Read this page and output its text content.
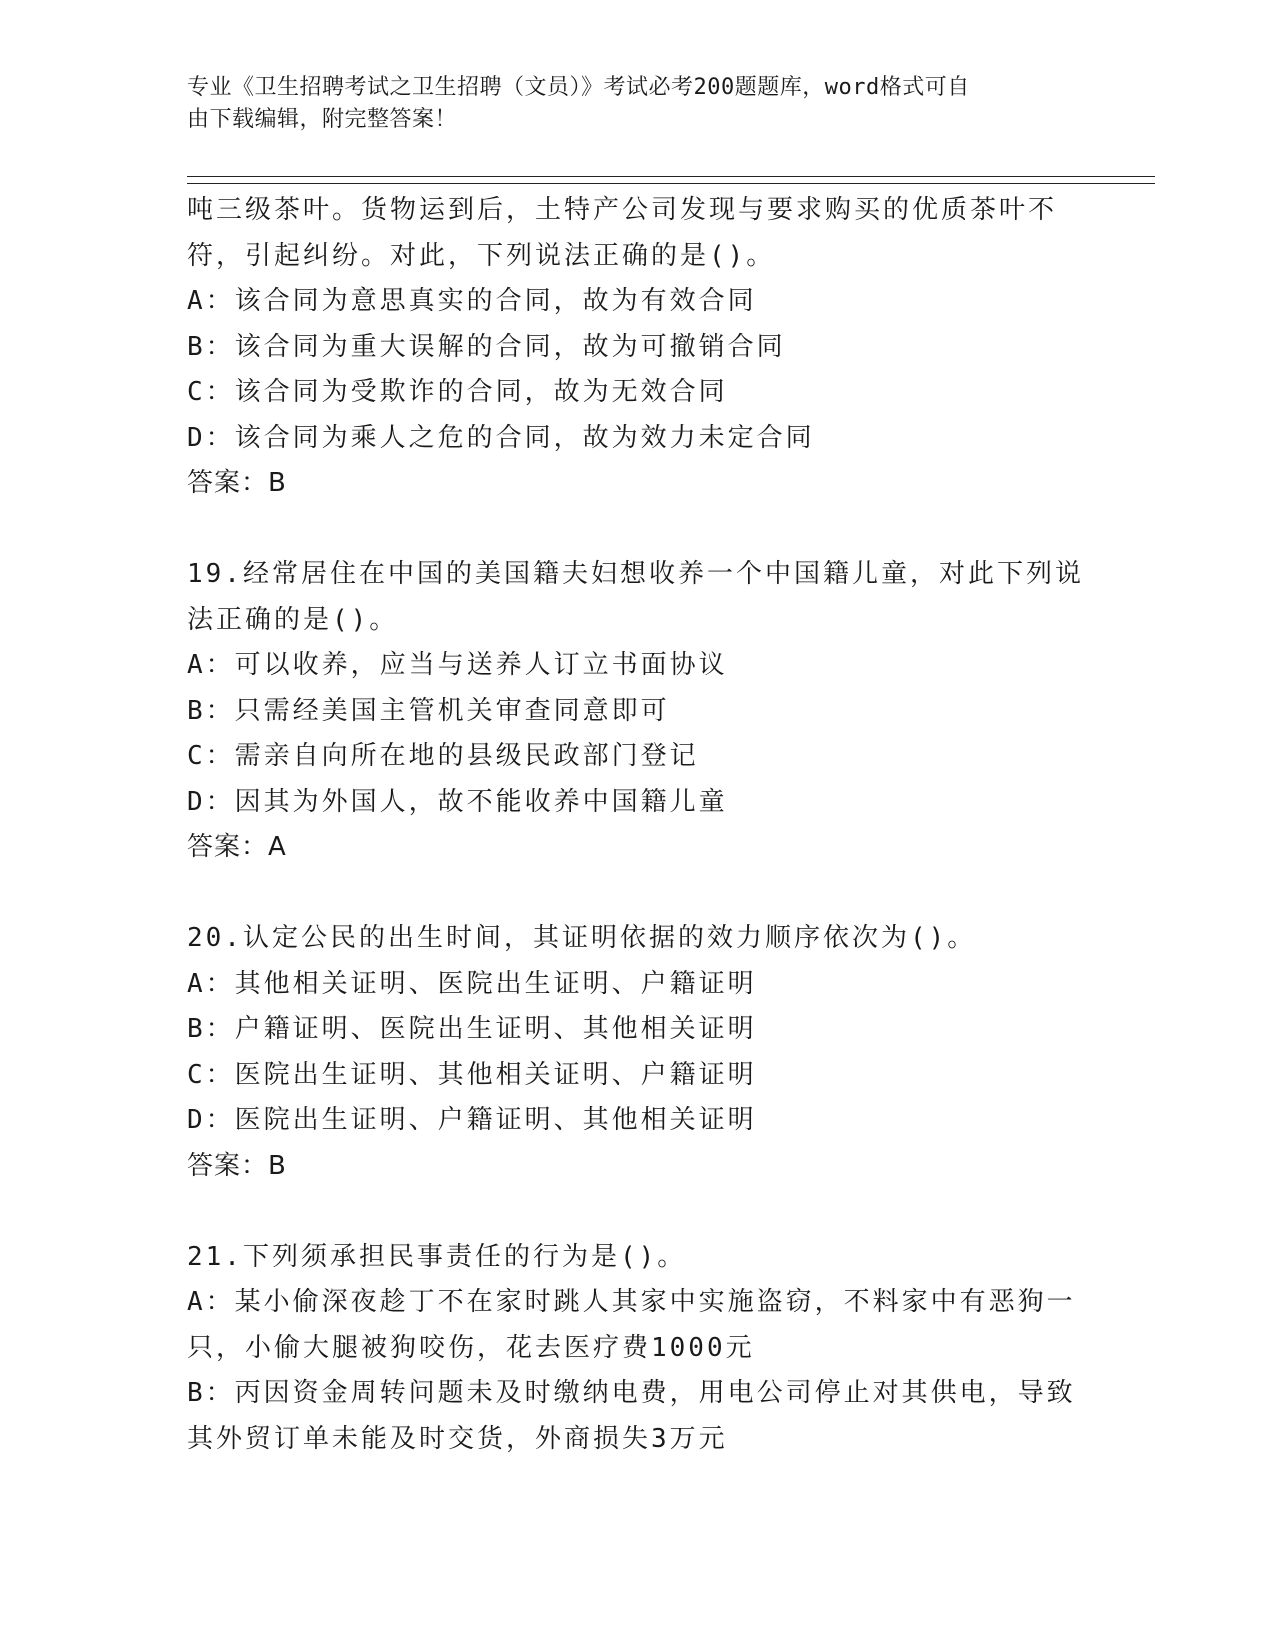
专业《卫生招聘考试之卫生招聘（文员）》考试必考200题题库，word格式可自
由下载编辑，附完整答案！
吨三级茶叶。货物运到后，土特产公司发现与要求购买的优质茶叶不
符，引起纠纷。对此，下列说法正确的是()。
A：该合同为意思真实的合同，故为有效合同
B：该合同为重大误解的合同，故为可撤销合同
C：该合同为受欺诈的合同，故为无效合同
D：该合同为乘人之危的合同，故为效力未定合同
答案：B
19.经常居住在中国的美国籍夫妇想收养一个中国籍儿童，对此下列说
法正确的是()。
A：可以收养，应当与送养人订立书面协议
B：只需经美国主管机关审查同意即可
C：需亲自向所在地的县级民政部门登记
D：因其为外国人，故不能收养中国籍儿童
答案：A
20.认定公民的出生时间，其证明依据的效力顺序依次为()。
A：其他相关证明、医院出生证明、户籍证明
B：户籍证明、医院出生证明、其他相关证明
C：医院出生证明、其他相关证明、户籍证明
D：医院出生证明、户籍证明、其他相关证明
答案：B
21.下列须承担民事责任的行为是()。
A：某小偷深夜趁丁不在家时跳人其家中实施盗窃，不料家中有恶狗一
只，小偷大腿被狗咬伤，花去医疗费1000元
B：丙因资金周转问题未及时缴纳电费，用电公司停止对其供电，导致
其外贸订单未能及时交货，外商损失3万元
